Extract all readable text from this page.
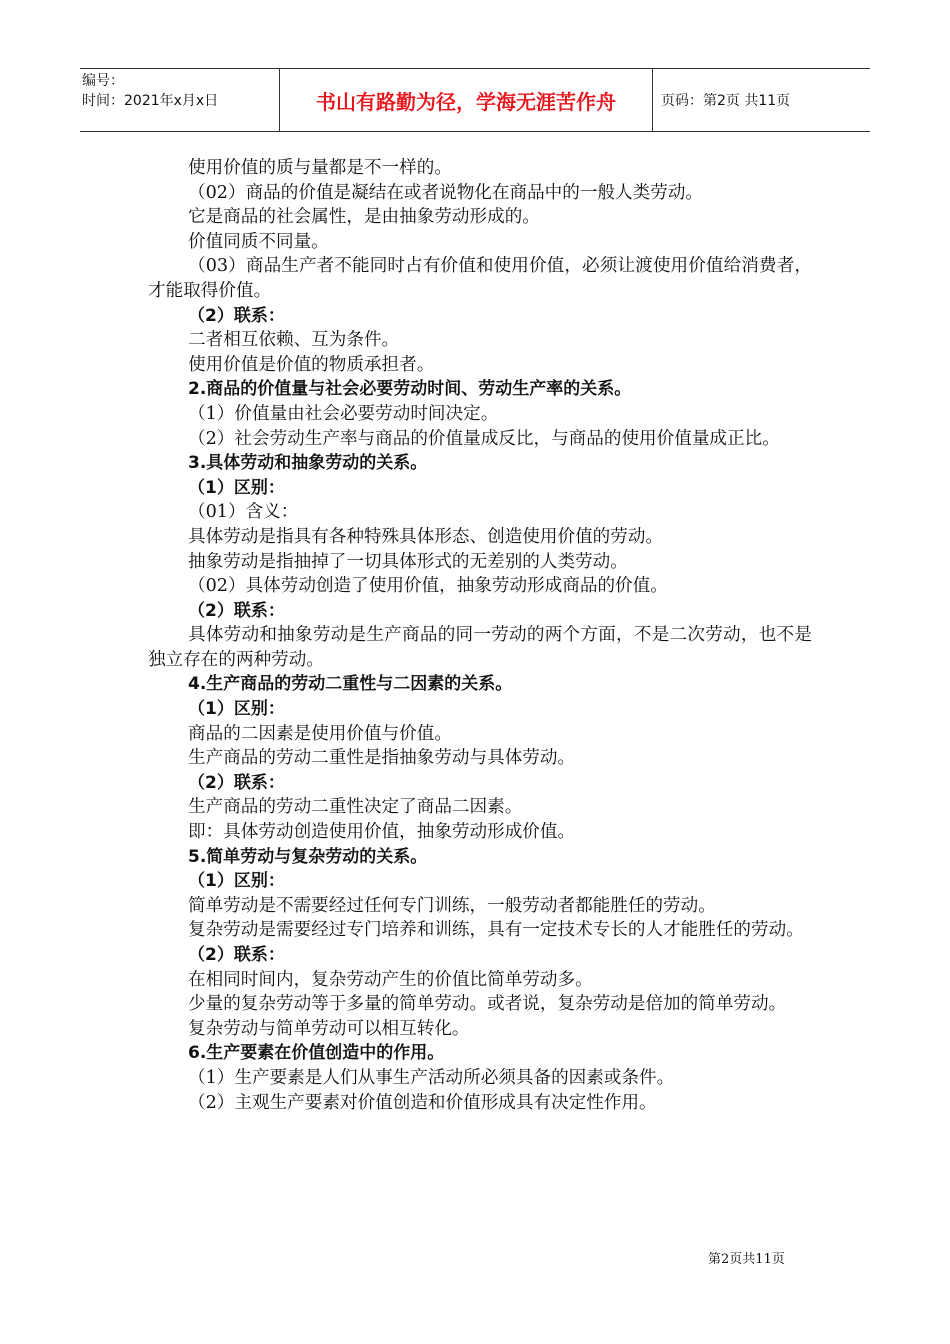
编号：
时间：2021年x月x日	书山有路勤为径，学海无涯苦作舟	页码：第2页 共11页

使用价值的质与量都是不一样的。

（02）商品的价值是凝结在或者说物化在商品中的一般人类劳动。

它是商品的社会属性，是由抽象劳动形成的。

价值同质不同量。

（03）商品生产者不能同时占有价值和使用价值，必须让渡使用价值给消费者，才能取得价值。

（2）联系：

二者相互依赖、互为条件。

使用价值是价值的物质承担者。

2.商品的价值量与社会必要劳动时间、劳动生产率的关系。

（1）价值量由社会必要劳动时间决定。

（2）社会劳动生产率与商品的价值量成反比，与商品的使用价值量成正比。

3.具体劳动和抽象劳动的关系。

（1）区别：

（01）含义：

具体劳动是指具有各种特殊具体形态、创造使用价值的劳动。

抽象劳动是指抽掉了一切具体形式的无差别的人类劳动。

（02）具体劳动创造了使用价值，抽象劳动形成商品的价值。

（2）联系：

具体劳动和抽象劳动是生产商品的同一劳动的两个方面，不是二次劳动，也不是独立存在的两种劳动。

4.生产商品的劳动二重性与二因素的关系。

（1）区别：

商品的二因素是使用价值与价值。

生产商品的劳动二重性是指抽象劳动与具体劳动。

（2）联系：

生产商品的劳动二重性决定了商品二因素。

即：具体劳动创造使用价值，抽象劳动形成价值。

5.简单劳动与复杂劳动的关系。

（1）区别：

简单劳动是不需要经过任何专门训练，一般劳动者都能胜任的劳动。

复杂劳动是需要经过专门培养和训练，具有一定技术专长的人才能胜任的劳动。

（2）联系：

在相同时间内，复杂劳动产生的价值比简单劳动多。

少量的复杂劳动等于多量的简单劳动。或者说，复杂劳动是倍加的简单劳动。

复杂劳动与简单劳动可以相互转化。

6.生产要素在价值创造中的作用。

（1）生产要素是人们从事生产活动所必须具备的因素或条件。

（2）主观生产要素对价值创造和价值形成具有决定性作用。

第2页共11页
